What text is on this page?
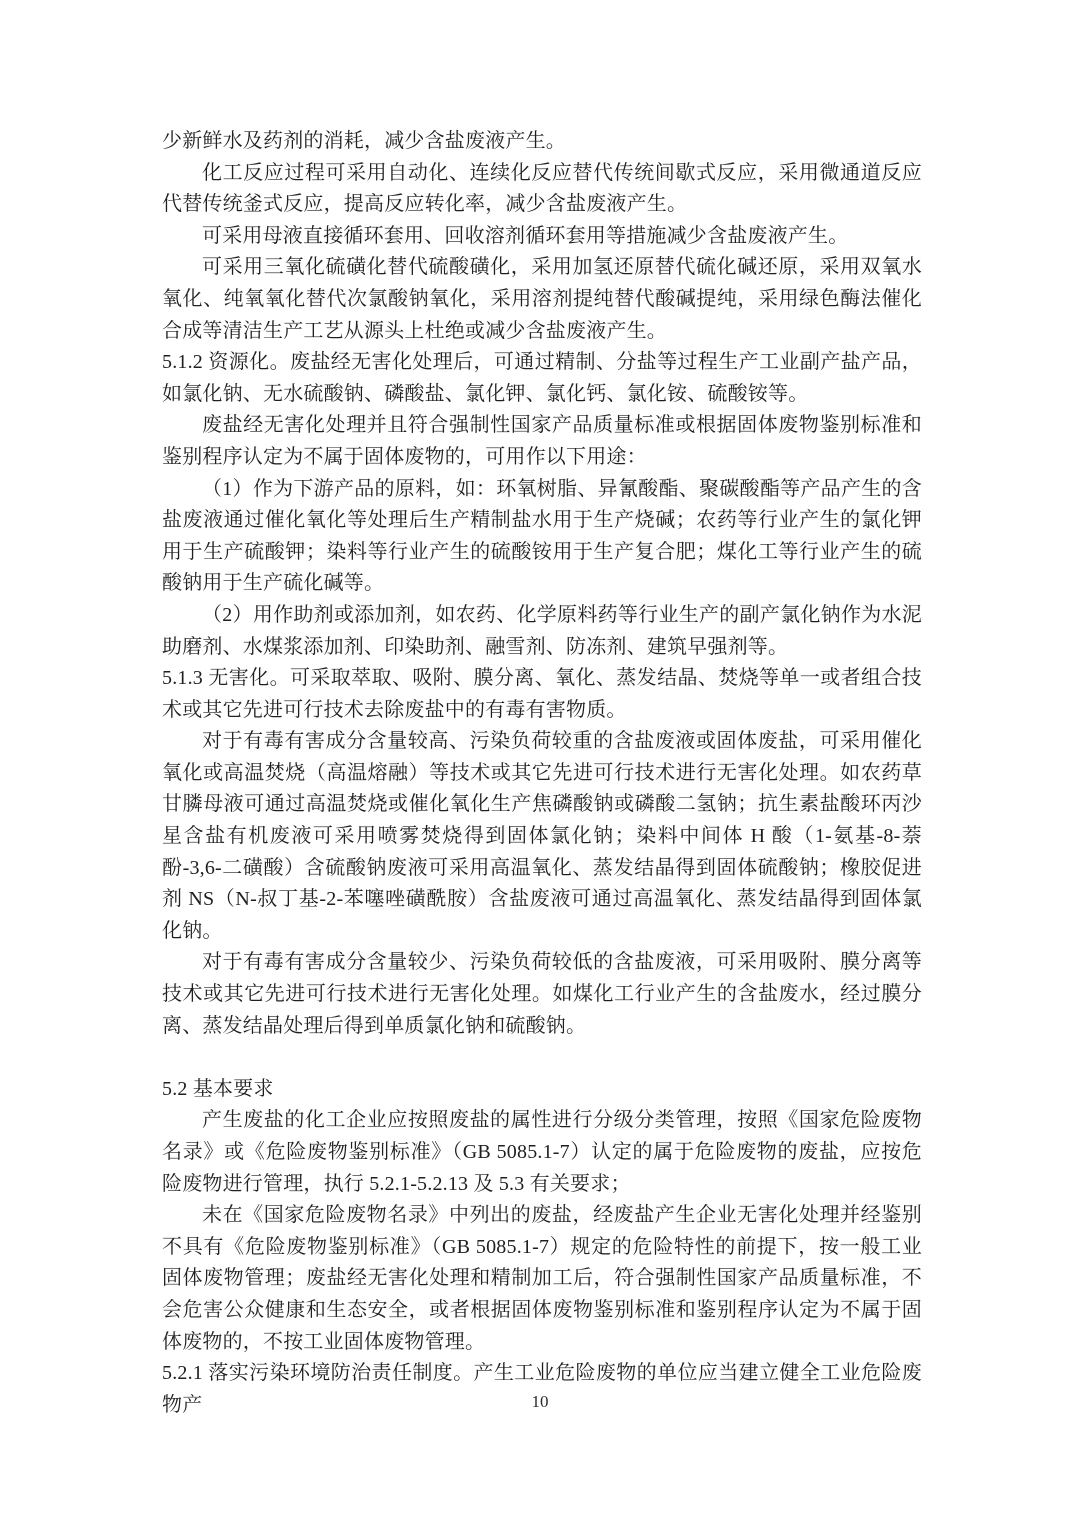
少新鲜水及药剂的消耗，减少含盐废液产生。

化工反应过程可采用自动化、连续化反应替代传统间歇式反应，采用微通道反应代替传统釜式反应，提高反应转化率，减少含盐废液产生。

可采用母液直接循环套用、回收溶剂循环套用等措施减少含盐废液产生。

可采用三氧化硫磺化替代硫酸磺化，采用加氢还原替代硫化碱还原，采用双氧水氧化、纯氧氧化替代次氯酸钠氧化，采用溶剂提纯替代酸碱提纯，采用绿色酶法催化合成等清洁生产工艺从源头上杜绝或减少含盐废液产生。

5.1.2 资源化。废盐经无害化处理后，可通过精制、分盐等过程生产工业副产盐产品，如氯化钠、无水硫酸钠、磷酸盐、氯化钾、氯化钙、氯化铵、硫酸铵等。

废盐经无害化处理并且符合强制性国家产品质量标准或根据固体废物鉴别标准和鉴别程序认定为不属于固体废物的，可用作以下用途：

（1）作为下游产品的原料，如：环氧树脂、异氰酸酯、聚碳酸酯等产品产生的含盐废液通过催化氧化等处理后生产精制盐水用于生产烧碱；农药等行业产生的氯化钾用于生产硫酸钾；染料等行业产生的硫酸铵用于生产复合肥；煤化工等行业产生的硫酸钠用于生产硫化碱等。

（2）用作助剂或添加剂，如农药、化学原料药等行业生产的副产氯化钠作为水泥助磨剂、水煤浆添加剂、印染助剂、融雪剂、防冻剂、建筑早强剂等。

5.1.3 无害化。可采取萃取、吸附、膜分离、氧化、蒸发结晶、焚烧等单一或者组合技术或其它先进可行技术去除废盐中的有毒有害物质。

对于有毒有害成分含量较高、污染负荷较重的含盐废液或固体废盐，可采用催化氧化或高温焚烧（高温熔融）等技术或其它先进可行技术进行无害化处理。如农药草甘膦母液可通过高温焚烧或催化氧化生产焦磷酸钠或磷酸二氢钠；抗生素盐酸环丙沙星含盐有机废液可采用喷雾焚烧得到固体氯化钠；染料中间体 H 酸（1-氨基-8-萘酚-3,6-二磺酸）含硫酸钠废液可采用高温氧化、蒸发结晶得到固体硫酸钠；橡胶促进剂 NS（N-叔丁基-2-苯噻唑磺酰胺）含盐废液可通过高温氧化、蒸发结晶得到固体氯化钠。

对于有毒有害成分含量较少、污染负荷较低的含盐废液，可采用吸附、膜分离等技术或其它先进可行技术进行无害化处理。如煤化工行业产生的含盐废水，经过膜分离、蒸发结晶处理后得到单质氯化钠和硫酸钠。

5.2 基本要求

产生废盐的化工企业应按照废盐的属性进行分级分类管理，按照《国家危险废物名录》或《危险废物鉴别标准》（GB 5085.1-7）认定的属于危险废物的废盐，应按危险废物进行管理，执行 5.2.1-5.2.13 及 5.3 有关要求；

未在《国家危险废物名录》中列出的废盐，经废盐产生企业无害化处理并经鉴别不具有《危险废物鉴别标准》（GB 5085.1-7）规定的危险特性的前提下，按一般工业固体废物管理；废盐经无害化处理和精制加工后，符合强制性国家产品质量标准，不会危害公众健康和生态安全，或者根据固体废物鉴别标准和鉴别程序认定为不属于固体废物的，不按工业固体废物管理。

5.2.1 落实污染环境防治责任制度。产生工业危险废物的单位应当建立健全工业危险废物产	10
